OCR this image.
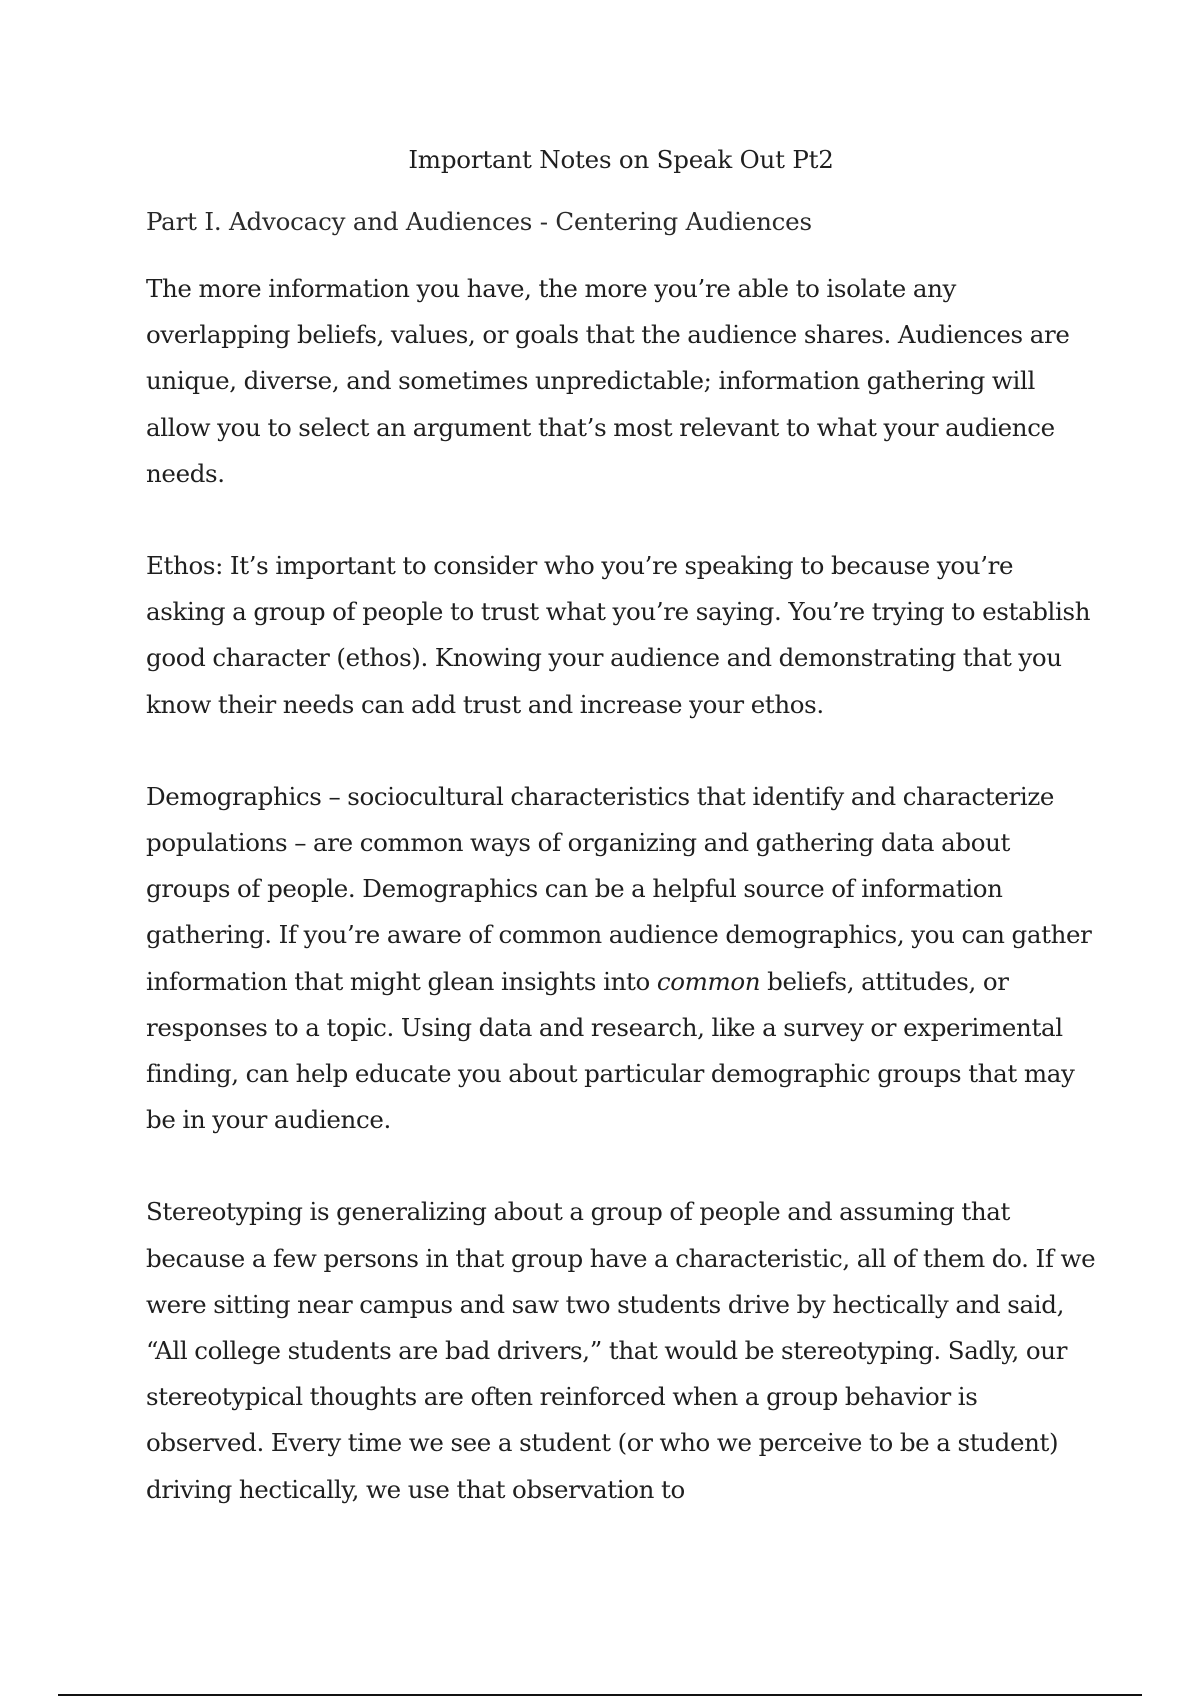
Important Notes on Speak Out Pt2
Part I. Advocacy and Audiences - Centering Audiences

The more information you have, the more you’re able to isolate any overlapping beliefs, values, or goals that the audience shares. Audiences are unique, diverse, and sometimes unpredictable; information gathering will allow you to select an argument that’s most relevant to what your audience needs.

Ethos: It’s important to consider who you’re speaking to because you’re asking a group of people to trust what you’re saying. You’re trying to establish good character (ethos). Knowing your audience and demonstrating that you know their needs can add trust and increase your ethos.

Demographics – sociocultural characteristics that identify and characterize populations – are common ways of organizing and gathering data about groups of people. Demographics can be a helpful source of information gathering. If you’re aware of common audience demographics, you can gather information that might glean insights into common beliefs, attitudes, or responses to a topic. Using data and research, like a survey or experimental finding, can help educate you about particular demographic groups that may be in your audience.

Stereotyping is generalizing about a group of people and assuming that because a few persons in that group have a characteristic, all of them do. If we were sitting near campus and saw two students drive by hectically and said, “All college students are bad drivers,” that would be stereotyping. Sadly, our stereotypical thoughts are often reinforced when a group behavior is observed. Every time we see a student (or who we perceive to be a student) driving hectically, we use that observation to
